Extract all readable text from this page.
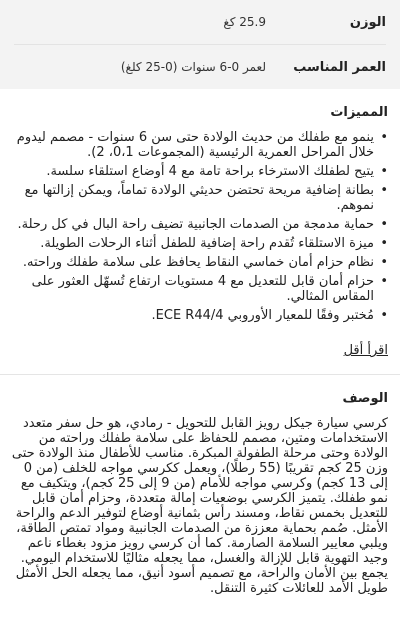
الوزن
25.9 كغ
العمر المناسب
لعمر 0-6 سنوات (0-25 كلغ)
المميزات
• ينمو مع طفلك من حديث الولادة حتى سن 6 سنوات - مصمم ليدوم خلال المراحل العمرية الرئيسية (المجموعات 0،1، 2).
• يتيح لطفلك الاسترخاء براحة تامة مع 4 أوضاع استلقاء سلسة.
• بطانة إضافية مريحة تحتضن حديثي الولادة تماماً، ويمكن إزالتها مع نموهم.
• حماية مدمجة من الصدمات الجانبية تضيف راحة البال في كل رحلة.
• ميزة الاستلقاء تُقدم راحة إضافية للطفل أثناء الرحلات الطويلة.
• نظام حزام أمان خماسي النقاط يحافظ على سلامة طفلك وراحته.
• حزام أمان قابل للتعديل مع 4 مستويات ارتفاع تُسهّل العثور على المقاس المثالي.
• مُختبر وفقًا للمعيار الأوروبي ECE R44/4.
اقرأ أقل
الوصف

كرسي سيارة جيكل رويز القابل للتحويل - رمادي، هو حل سفر متعدد الاستخدامات ومتين، مصمم للحفاظ على سلامة طفلك وراحته من الولادة وحتى مرحلة الطفولة المبكرة. مناسب للأطفال منذ الولادة حتى وزن 25 كجم تقريبًا (55 رطلًا)، ويعمل ككرسي مواجه للخلف (من 0 إلى 13 كجم) وكرسي مواجه للأمام (من 9 إلى 25 كجم)، ويتكيف مع نمو طفلك. يتميز الكرسي بوضعيات إمالة متعددة، وحزام أمان قابل للتعديل بخمس نقاط، ومسند رأس بثمانية أوضاع لتوفير الدعم والراحة الأمثل. صُمم بحماية معززة من الصدمات الجانبية ومواد تمتص الطاقة، ويلبي معايير السلامة الصارمة. كما أن كرسي رويز مزود بغطاء ناعم وجيد التهوية قابل للإزالة والغسل، مما يجعله مثاليًا للاستخدام اليومي. يجمع بين الأمان والراحة، مع تصميم أسود أنيق، مما يجعله الحل الأمثل طويل الأمد للعائلات كثيرة التنقل.
